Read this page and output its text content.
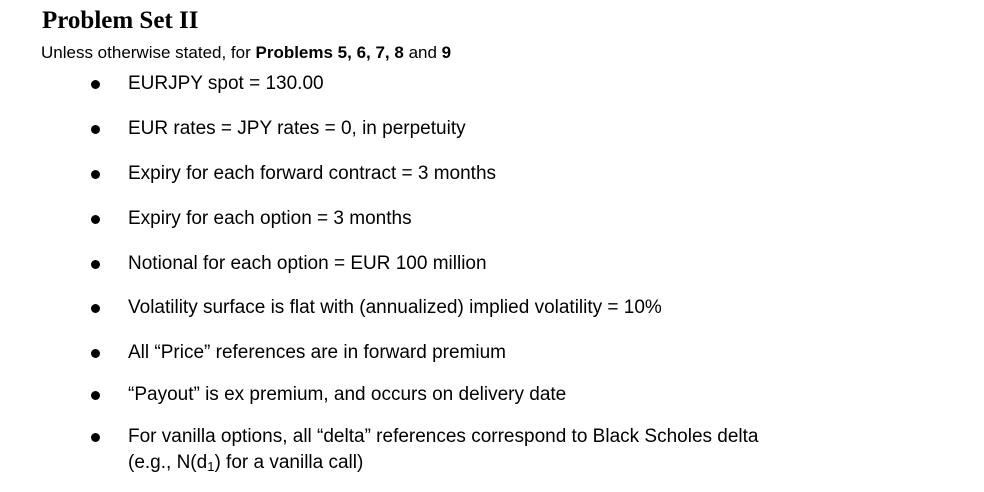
Problem Set II
Unless otherwise stated, for Problems 5, 6, 7, 8 and 9
EURJPY spot = 130.00
EUR rates = JPY rates = 0, in perpetuity
Expiry for each forward contract = 3 months
Expiry for each option = 3 months
Notional for each option = EUR 100 million
Volatility surface is flat with (annualized) implied volatility = 10%
All “Price” references are in forward premium
“Payout” is ex premium, and occurs on delivery date
For vanilla options, all “delta” references correspond to Black Scholes delta
(e.g., $N(d_1)$ for a vanilla call)
